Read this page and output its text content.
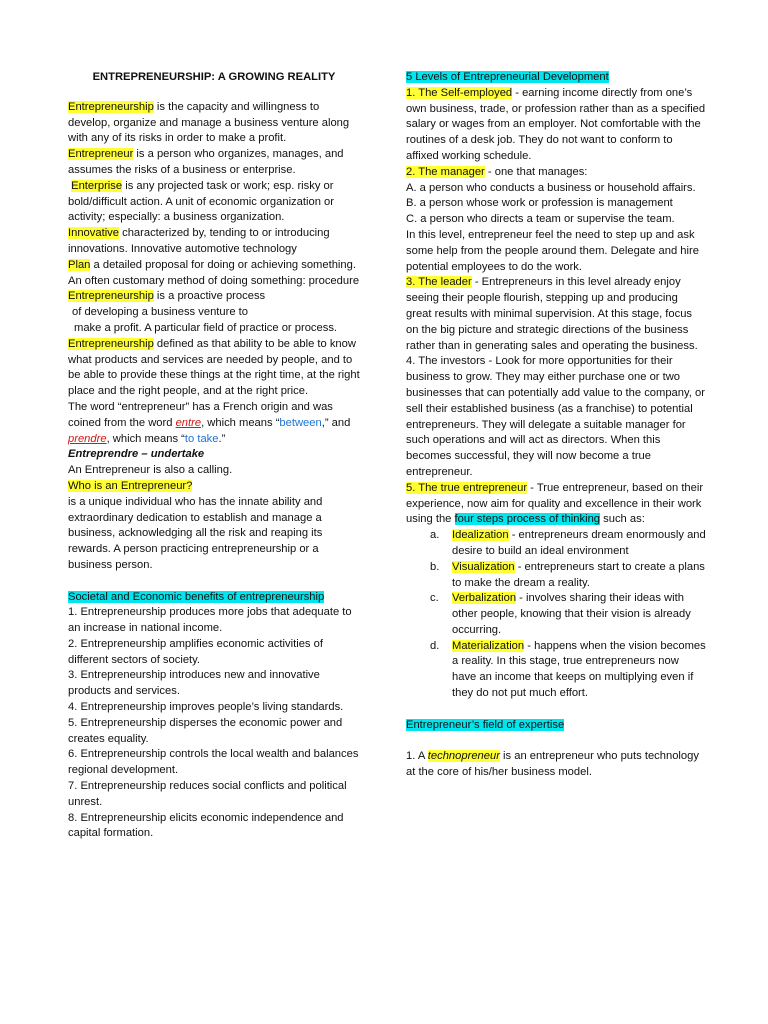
ENTREPRENEURSHIP: A GROWING REALITY

Entrepreneurship is the capacity and willingness to develop, organize and manage a business venture along with any of its risks in order to make a profit.

Entrepreneur is a person who organizes, manages, and assumes the risks of a business or enterprise.

Enterprise is any projected task or work; esp. risky or bold/difficult action. A unit of economic organization or activity; especially: a business organization.

Innovative characterized by, tending to or introducing innovations. Innovative automotive technology

Plan a detailed proposal for doing or achieving something. An often customary method of doing something: procedure

Entrepreneurship is a proactive process

of developing a business venture to

make a profit. A particular field of practice or process.

Entrepreneurship defined as that ability to be able to know what products and services are needed by people, and to be able to provide these things at the right time, at the right place and the right people, and at the right price.

The word “entrepreneur” has a French origin and was coined from the word entre, which means “between,” and prendre, which means “to take.”

Entreprendre – undertake

An Entrepreneur is also a calling.

Who is an Entrepreneur?

is a unique individual who has the innate ability and extraordinary dedication to establish and manage a business, acknowledging all the risk and reaping its rewards. A person practicing entrepreneurship or a business person.

Societal and Economic benefits of entrepreneurship

1. Entrepreneurship produces more jobs that adequate to an increase in national income.

2. Entrepreneurship amplifies economic activities of different sectors of society.

3. Entrepreneurship introduces new and innovative products and services.

4. Entrepreneurship improves people’s living standards.

5. Entrepreneurship disperses the economic power and creates equality.

6. Entrepreneurship controls the local wealth and balances regional development.

7. Entrepreneurship reduces social conflicts and political unrest.

8. Entrepreneurship elicits economic independence and capital formation.

5 Levels of Entrepreneurial Development

1. The Self-employed - earning income directly from one’s own business, trade, or profession rather than as a specified salary or wages from an employer. Not comfortable with the routines of a desk job. They do not want to conform to affixed working schedule.

2. The manager - one that manages:

A. a person who conducts a business or household affairs.

B. a person whose work or profession is management

C. a person who directs a team or supervise the team.

In this level, entrepreneur feel the need to step up and ask some help from the people around them. Delegate and hire potential employees to do the work.

3. The leader - Entrepreneurs in this level already enjoy seeing their people flourish, stepping up and producing great results with minimal supervision. At this stage, focus on the big picture and strategic directions of the business rather than in generating sales and operating the business.

4. The investors - Look for more opportunities for their business to grow. They may either purchase one or two businesses that can potentially add value to the company, or sell their established business (as a franchise) to potential entrepreneurs. They will delegate a suitable manager for such operations and will act as directors. When this becomes successful, they will now become a true entrepreneur.

5. The true entrepreneur - True entrepreneur, based on their experience, now aim for quality and excellence in their work using the four steps process of thinking such as:

a.	Idealization - entrepreneurs dream enormously and desire to build an ideal environment
b.	Visualization - entrepreneurs start to create a plans to make the dream a reality.
c.	Verbalization - involves sharing their ideas with other people, knowing that their vision is already occurring.
d.	Materialization - happens when the vision becomes a reality. In this stage, true entrepreneurs now have an income that keeps on multiplying even if they do not put much effort.

Entrepreneur’s field of expertise

1. A technopreneur is an entrepreneur who puts technology at the core of his/her business model.
